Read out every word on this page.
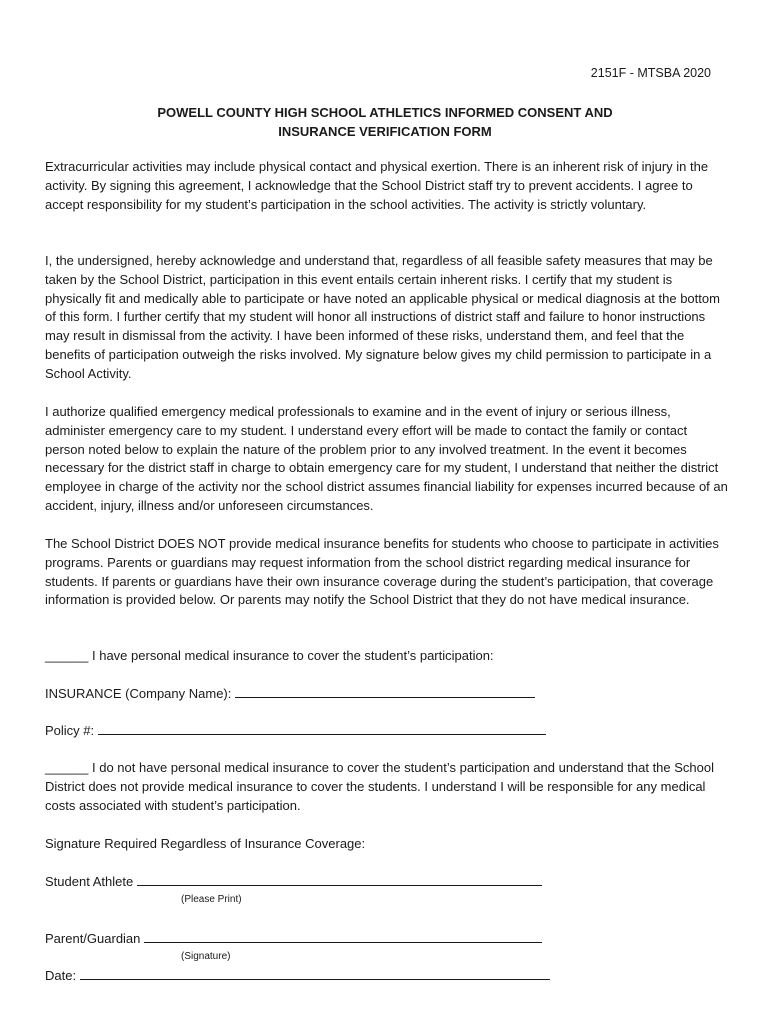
2151F - MTSBA 2020
POWELL COUNTY HIGH SCHOOL ATHLETICS INFORMED CONSENT AND
INSURANCE VERIFICATION FORM

Extracurricular activities may include physical contact and physical exertion. There is an inherent risk of injury in the activity. By signing this agreement, I acknowledge that the School District staff try to prevent accidents. I agree to accept responsibility for my student’s participation in the school activities. The activity is strictly voluntary.

I, the undersigned, hereby acknowledge and understand that, regardless of all feasible safety measures that may be taken by the School District, participation in this event entails certain inherent risks. I certify that my student is physically fit and medically able to participate or have noted an applicable physical or medical diagnosis at the bottom of this form. I further certify that my student will honor all instructions of district staff and failure to honor instructions may result in dismissal from the activity. I have been informed of these risks, understand them, and feel that the benefits of participation outweigh the risks involved. My signature below gives my child permission to participate in a School Activity.

I authorize qualified emergency medical professionals to examine and in the event of injury or serious illness, administer emergency care to my student. I understand every effort will be made to contact the family or contact person noted below to explain the nature of the problem prior to any involved treatment. In the event it becomes necessary for the district staff in charge to obtain emergency care for my student, I understand that neither the district employee in charge of the activity nor the school district assumes financial liability for expenses incurred because of an accident, injury, illness and/or unforeseen circumstances.

The School District DOES NOT provide medical insurance benefits for students who choose to participate in activities programs. Parents or guardians may request information from the school district regarding medical insurance for students. If parents or guardians have their own insurance coverage during the student’s participation, that coverage information is provided below. Or parents may notify the School District that they do not have medical insurance.

______ I have personal medical insurance to cover the student’s participation:

INSURANCE (Company Name):
Policy #:

______ I do not have personal medical insurance to cover the student’s participation and understand that the School District does not provide medical insurance to cover the students. I understand I will be responsible for any medical costs associated with student’s participation.

Signature Required Regardless of Insurance Coverage:
Student Athlete
(Please Print)
Parent/Guardian
(Signature)
Date:
